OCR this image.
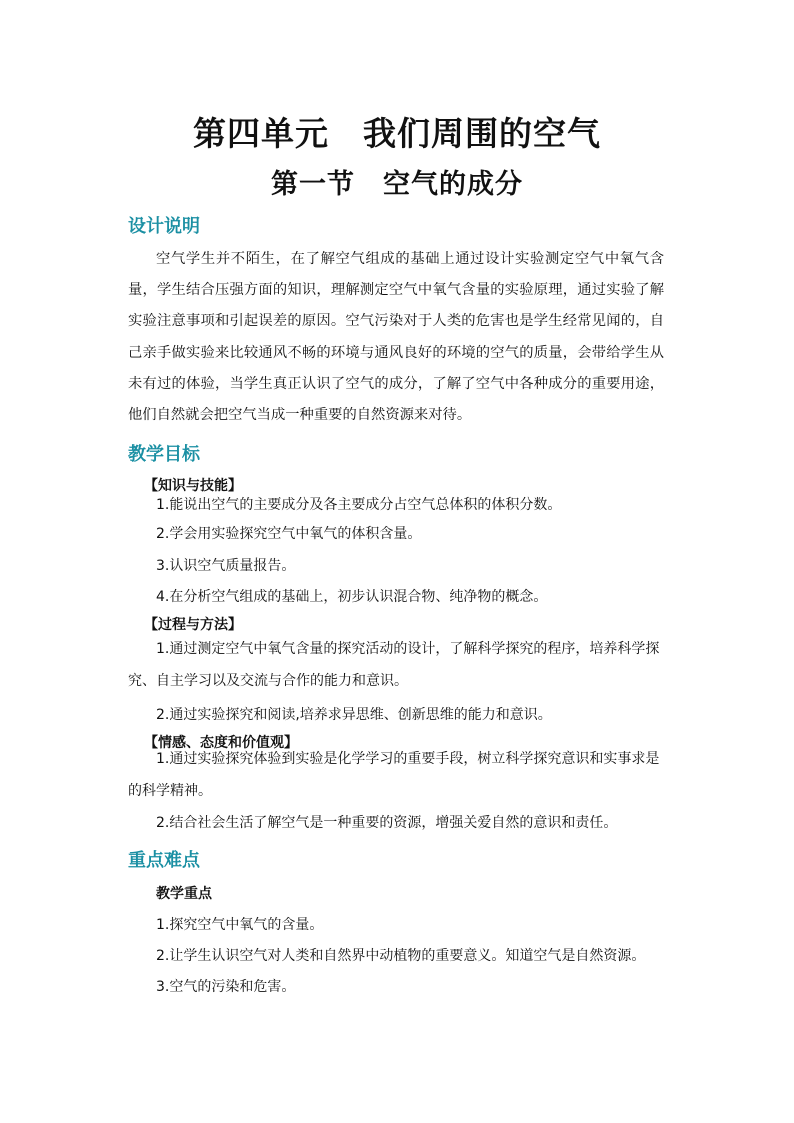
第四单元　我们周围的空气
第一节　空气的成分
设计说明
空气学生并不陌生，在了解空气组成的基础上通过设计实验测定空气中氧气含量，学生结合压强方面的知识，理解测定空气中氧气含量的实验原理，通过实验了解实验注意事项和引起误差的原因。空气污染对于人类的危害也是学生经常见闻的，自己亲手做实验来比较通风不畅的环境与通风良好的环境的空气的质量，会带给学生从未有过的体验，当学生真正认识了空气的成分，了解了空气中各种成分的重要用途，他们自然就会把空气当成一种重要的自然资源来对待。
教学目标
【知识与技能】
1.能说出空气的主要成分及各主要成分占空气总体积的体积分数。
2.学会用实验探究空气中氧气的体积含量。
3.认识空气质量报告。
4.在分析空气组成的基础上，初步认识混合物、纯净物的概念。
【过程与方法】
1.通过测定空气中氧气含量的探究活动的设计，了解科学探究的程序，培养科学探究、自主学习以及交流与合作的能力和意识。
2.通过实验探究和阅读,培养求异思维、创新思维的能力和意识。
【情感、态度和价值观】
1.通过实验探究体验到实验是化学学习的重要手段，树立科学探究意识和实事求是的科学精神。
2.结合社会生活了解空气是一种重要的资源，增强关爱自然的意识和责任。
重点难点
教学重点
1.探究空气中氧气的含量。
2.让学生认识空气对人类和自然界中动植物的重要意义。知道空气是自然资源。
3.空气的污染和危害。
